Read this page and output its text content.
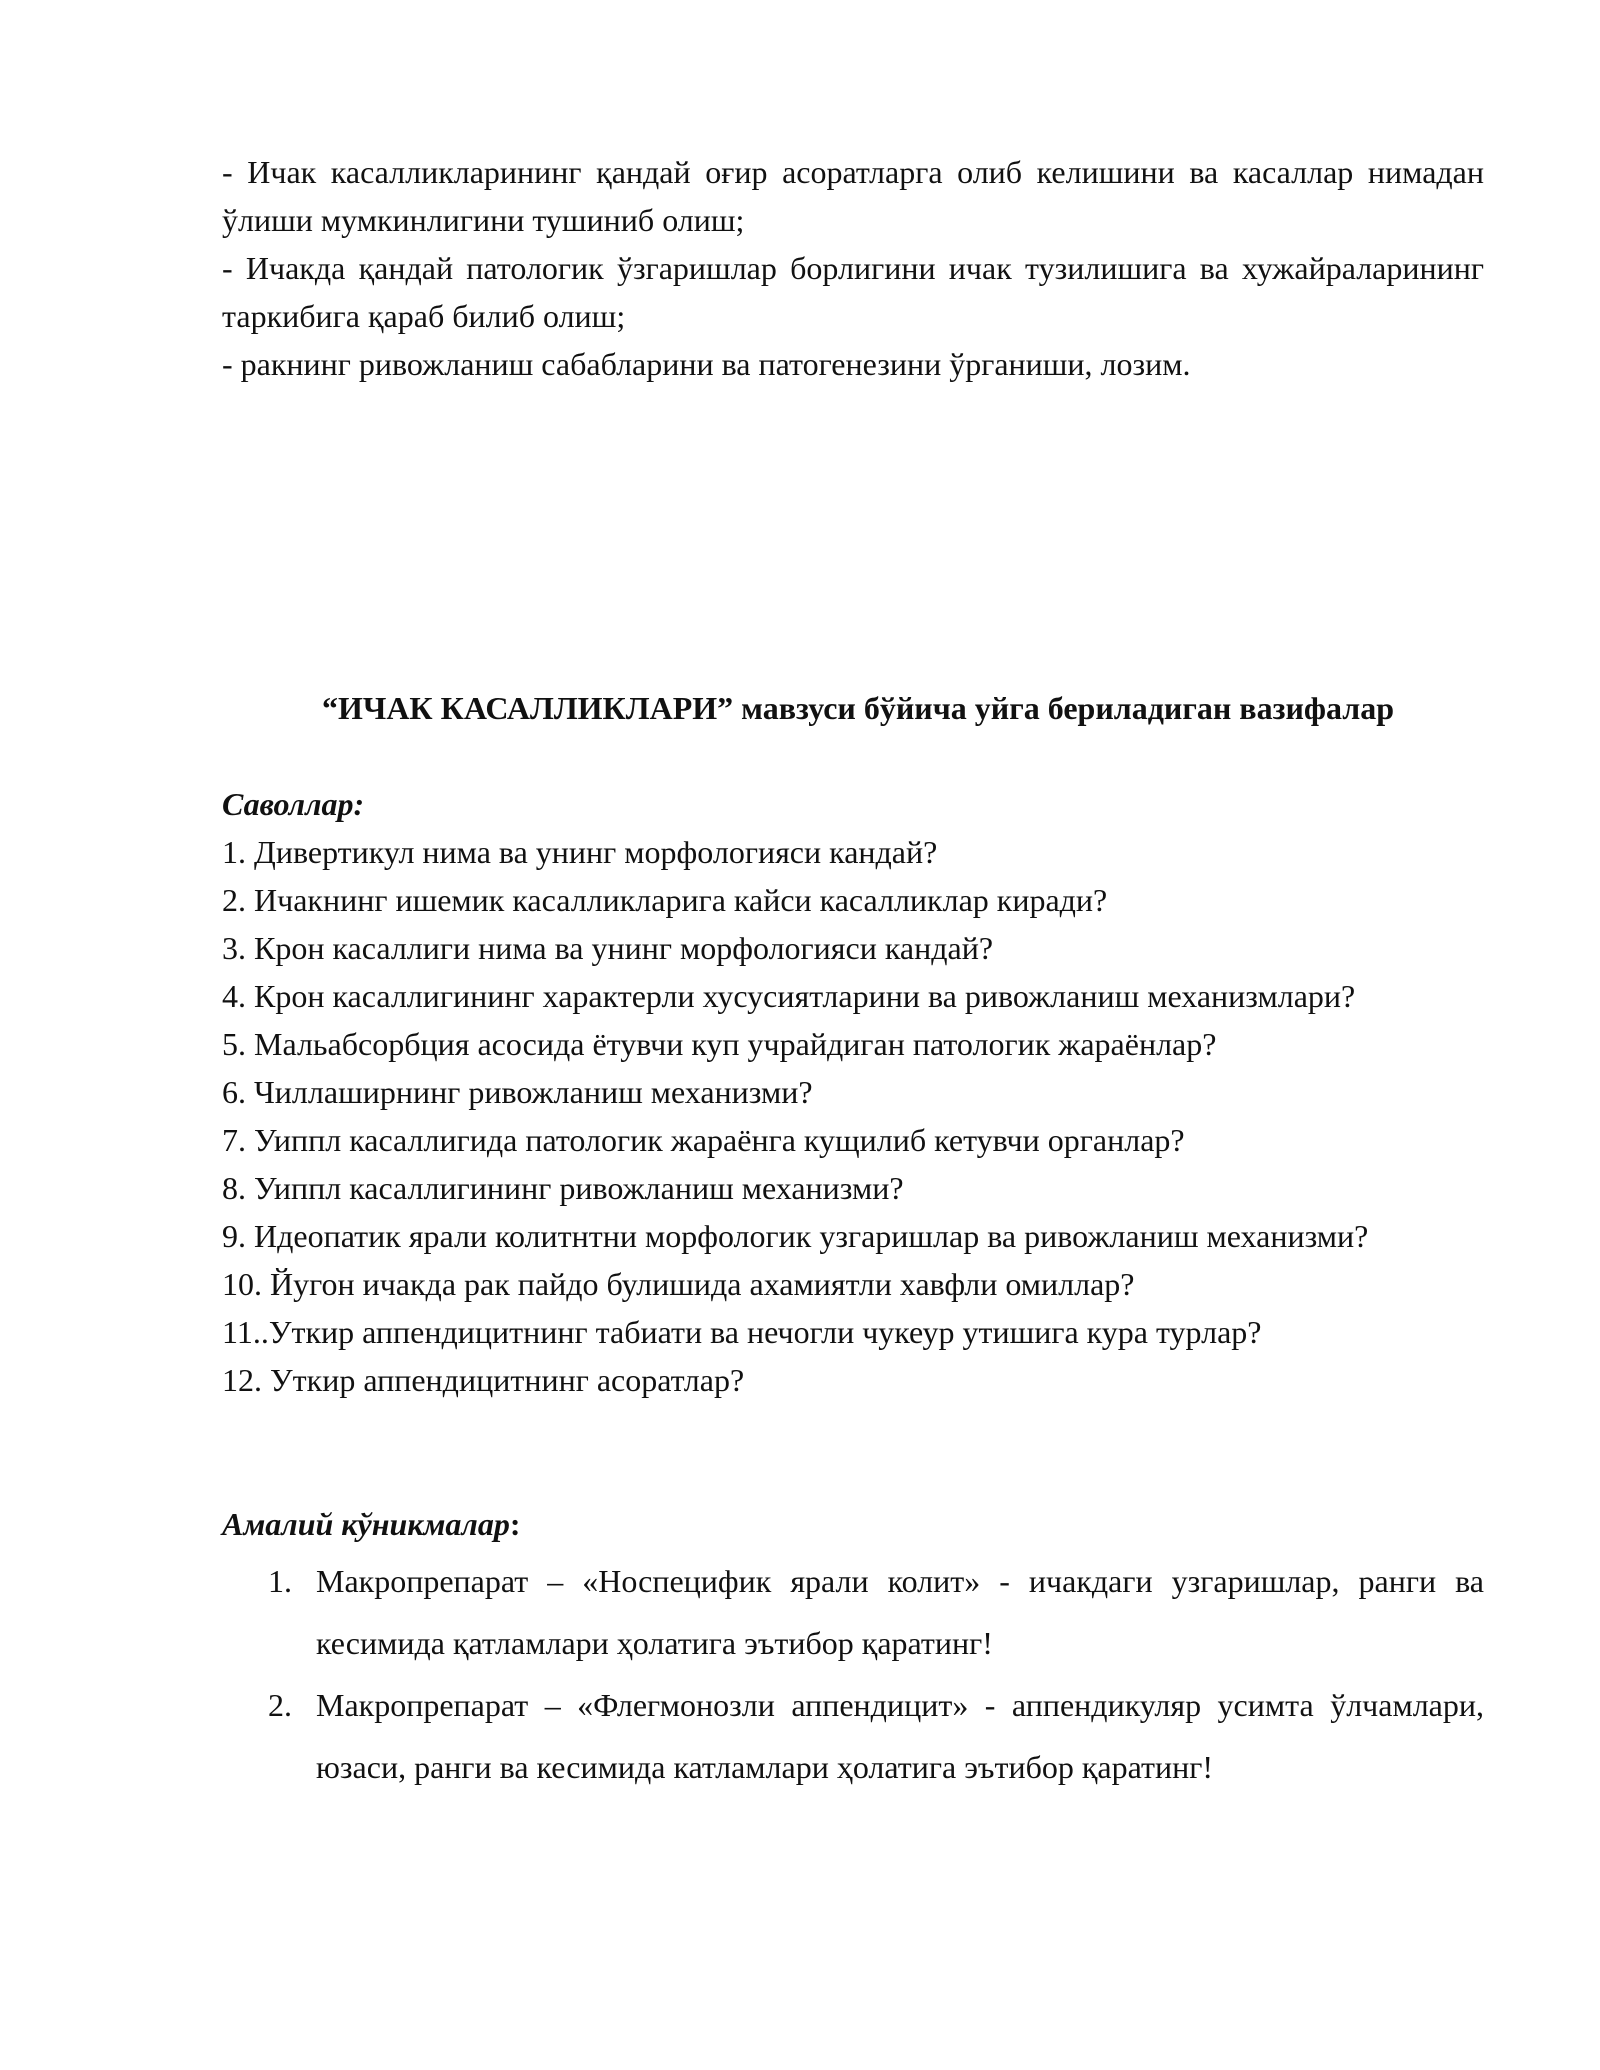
- Ичак касалликларининг қандай оғир асоратларга олиб келишини ва касаллар нимадан ўлиши мумкинлигини тушиниб олиш;

- Ичакда қандай патологик ўзгаришлар борлигини ичак тузилишига ва хужайраларининг таркибига қараб билиб олиш;

- ракнинг ривожланиш сабабларини ва патогенезини ўрганиши, лозим.

“ИЧАК КАСАЛЛИКЛАРИ” мавзуси бўйича уйга бериладиган вазифалар

Саволлар:

1. Дивертикул нима ва унинг морфологияси кандай?
2. Ичакнинг ишемик касалликларига кайси касалликлар киради?
3. Крон касаллиги нима ва унинг морфологияси кандай?
4. Крон касаллигининг характерли хусусиятларини ва ривожланиш механизмлари?
5. Мальабсорбция асосида ётувчи куп учрайдиган патологик жараёнлар?
6. Чиллаширнинг ривожланиш механизми?
7. Уиппл касаллигида патологик жараёнга кущилиб кетувчи органлар?
8. Уиппл касаллигининг ривожланиш механизми?
9. Идеопатик ярали колитнтни морфологик узгаришлар ва ривожланиш механизми?
10. Йугон ичакда рак пайдо булишида ахамиятли хавфли омиллар?
11..Уткир аппендицитнинг табиати ва нечогли чукеур утишига кура турлар?
12. Уткир аппендицитнинг асоратлар?

Амалий кўникмалар:

1. Макропрепарат – «Носпецифик ярали колит» - ичакдаги узгаришлар, ранги ва кесимида қатламлари ҳолатига эътибор қаратинг!
2. Макропрепарат – «Флегмонозли аппендицит» - аппендикуляр усимта ўлчамлари, юзаси, ранги ва кесимида катламлари ҳолатига эътибор қаратинг!
